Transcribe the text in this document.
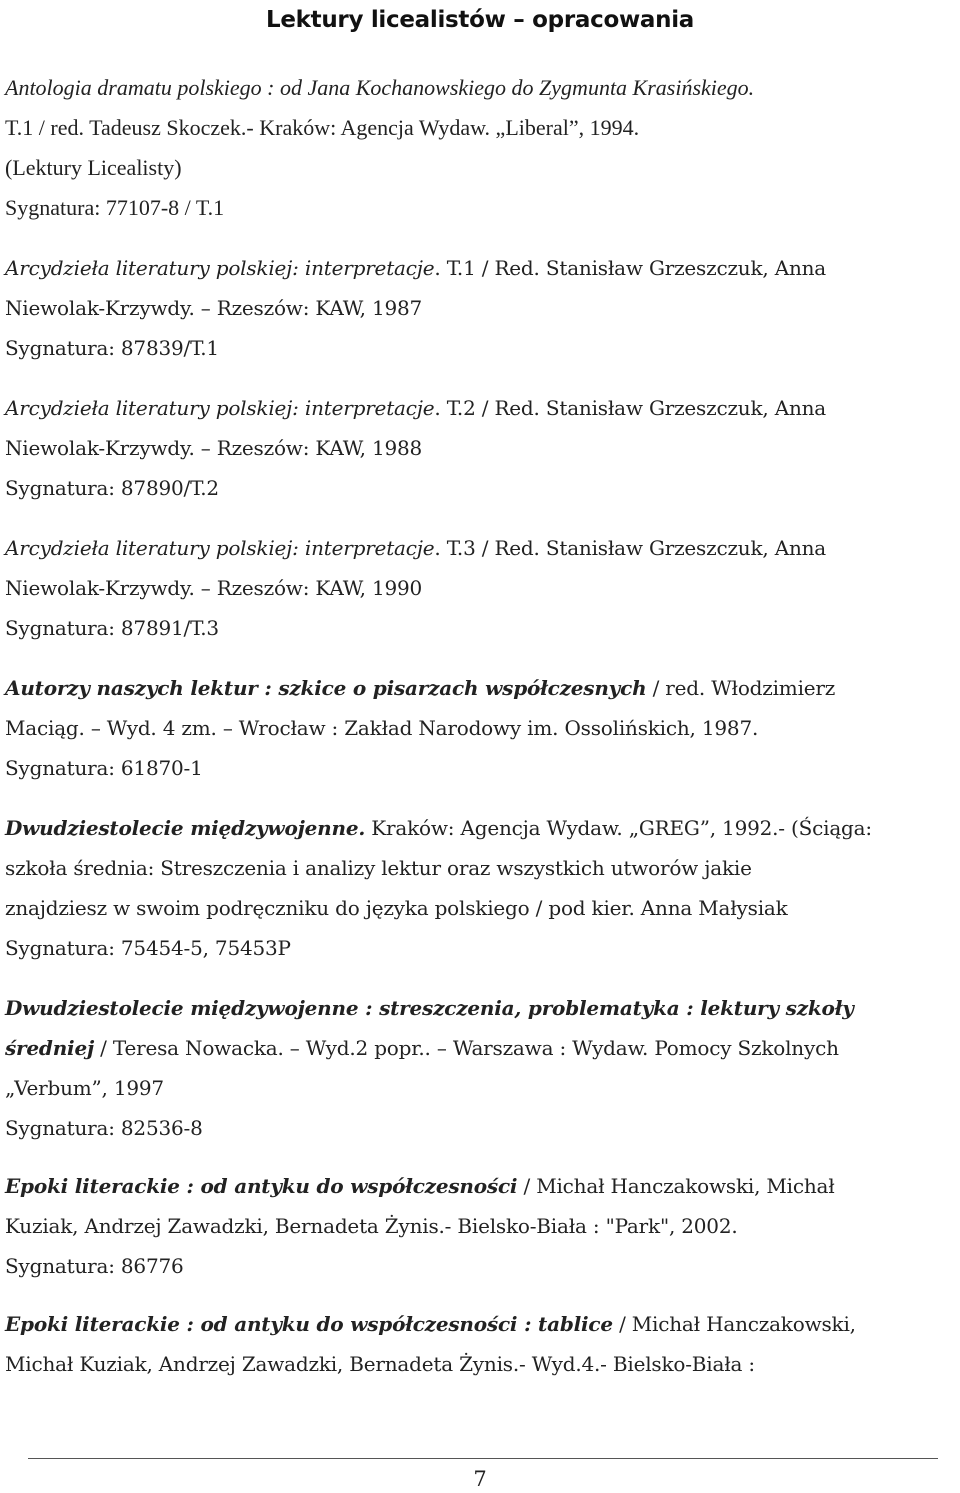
Lektury licealistów – opracowania
Antologia dramatu polskiego : od Jana Kochanowskiego do Zygmunta Krasińskiego.
T.1 / red. Tadeusz Skoczek.- Kraków: Agencja Wydaw. „Liberal”, 1994.
(Lektury Licealisty)
Sygnatura: 77107-8 / T.1
Arcydzieła literatury polskiej: interpretacje. T.1 / Red. Stanisław Grzeszczuk, Anna
Niewolak-Krzywdy. – Rzeszów: KAW, 1987
Sygnatura: 87839/T.1
Arcydzieła literatury polskiej: interpretacje. T.2 / Red. Stanisław Grzeszczuk, Anna
Niewolak-Krzywdy. – Rzeszów: KAW, 1988
Sygnatura: 87890/T.2
Arcydzieła literatury polskiej: interpretacje. T.3 / Red. Stanisław Grzeszczuk, Anna
Niewolak-Krzywdy. – Rzeszów: KAW, 1990
Sygnatura: 87891/T.3
Autorzy naszych lektur : szkice o pisarzach współczesnych / red. Włodzimierz
Maciąg. – Wyd. 4 zm. – Wrocław : Zakład Narodowy im. Ossolińskich, 1987.
Sygnatura: 61870-1
Dwudziestolecie międzywojenne. Kraków: Agencja Wydaw. „GREG”, 1992.- (Ściąga:
szkoła średnia: Streszczenia i analizy lektur oraz wszystkich utworów jakie
znajdziesz w swoim podręczniku do języka polskiego / pod kier. Anna Małysiak
Sygnatura: 75454-5, 75453P
Dwudziestolecie międzywojenne : streszczenia, problematyka : lektury szkoły
średniej / Teresa Nowacka. – Wyd.2 popr.. – Warszawa : Wydaw. Pomocy Szkolnych
„Verbum”, 1997
Sygnatura: 82536-8
Epoki literackie : od antyku do współczesności / Michał Hanczakowski, Michał
Kuziak, Andrzej Zawadzki, Bernadeta Żynis.- Bielsko-Biała : "Park", 2002.
Sygnatura: 86776
Epoki literackie : od antyku do współczesności : tablice / Michał Hanczakowski,
Michał Kuziak, Andrzej Zawadzki, Bernadeta Żynis.- Wyd.4.- Bielsko-Biała :
7
